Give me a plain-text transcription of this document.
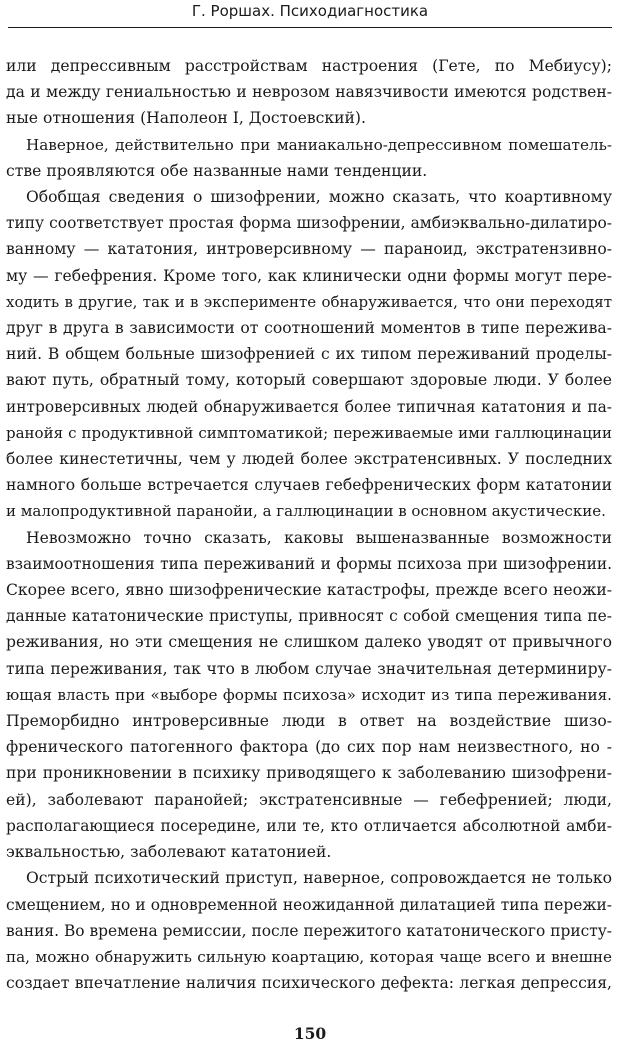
Г. Роршах. Психодиагностика
или депрессивным расстройствам настроения (Гете, по Мебиусу);
да и между гениальностью и неврозом навязчивости имеются родствен-
ные отношения (Наполеон I, Достоевский).
Наверное, действительно при маниакально-депрессивном помешатель-
стве проявляются обе названные нами тенденции.
Обобщая сведения о шизофрении, можно сказать, что коартивному
типу соответствует простая форма шизофрении, амбиэквально-дилатиро-
ванному — кататония, интроверсивному — параноид, экстратензивно-
му — гебефрения. Кроме того, как клинически одни формы могут пере-
ходить в другие, так и в эксперименте обнаруживается, что они переходят
друг в друга в зависимости от соотношений моментов в типе пережива-
ний. В общем больные шизофренией с их типом переживаний проделы-
вают путь, обратный тому, который совершают здоровые люди. У более
интроверсивных людей обнаруживается более типичная кататония и па-
ранойя с продуктивной симптоматикой; переживаемые ими галлюцинации
более кинестетичны, чем у людей более экстратенсивных. У последних
намного больше встречается случаев гебефренических форм кататонии
и малопродуктивной паранойи, а галлюцинации в основном акустические.
Невозможно точно сказать, каковы вышеназванные возможности
взаимоотношения типа переживаний и формы психоза при шизофрении.
Скорее всего, явно шизофренические катастрофы, прежде всего неожи-
данные кататонические приступы, привносят с собой смещения типа пе-
реживания, но эти смещения не слишком далеко уводят от привычного
типа переживания, так что в любом случае значительная детерминиру-
ющая власть при «выборе формы психоза» исходит из типа переживания.
Преморбидно интроверсивные люди в ответ на воздействие шизо-
френического патогенного фактора (до сих пор нам неизвестного, но -
при проникновении в психику приводящего к заболеванию шизофрени-
ей), заболевают паранойей; экстратенсивные — гебефренией; люди,
располагающиеся посередине, или те, кто отличается абсолютной амби-
эквальностью, заболевают кататонией.
Острый психотический приступ, наверное, сопровождается не только
смещением, но и одновременной неожиданной дилатацией типа пережи-
вания. Во времена ремиссии, после пережитого кататонического присту-
па, можно обнаружить сильную коартацию, которая чаще всего и внешне
создает впечатление наличия психического дефекта: легкая депрессия,
150
